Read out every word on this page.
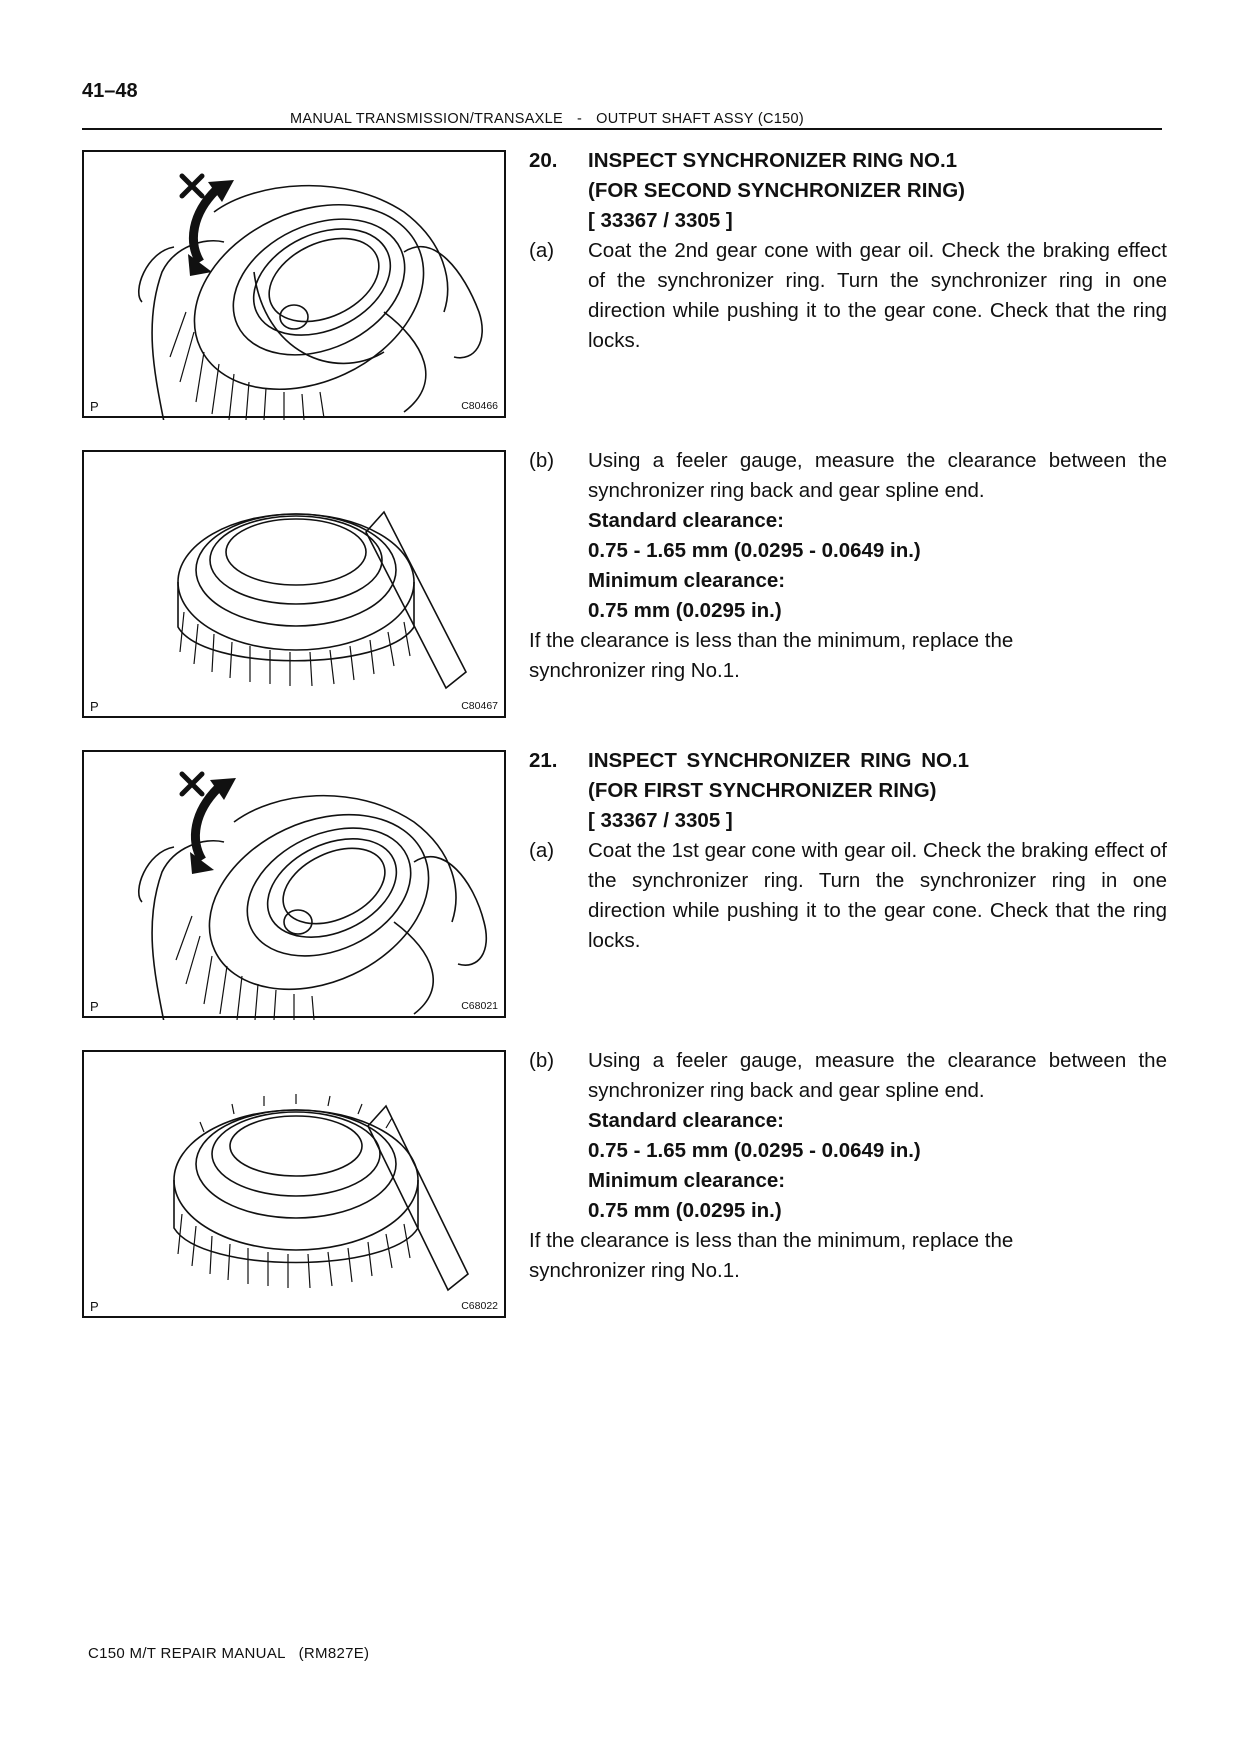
41–48
MANUAL TRANSMISSION/TRANSAXLE - OUTPUT SHAFT ASSY (C150)
P	C80466
P	C80467
P	C68021
P	C68022
20.	INSPECT SYNCHRONIZER RING NO.1
(FOR SECOND SYNCHRONIZER RING)
[ 33367 / 3305 ]
(a)	Coat the 2nd gear cone with gear oil. Check the braking effect of the synchronizer ring. Turn the synchronizer ring in one direction while pushing it to the gear cone. Check that the ring locks.
(b)	Using a feeler gauge, measure the clearance between the synchronizer ring back and gear spline end.
Standard clearance:
0.75 - 1.65 mm (0.0295 - 0.0649 in.)
Minimum clearance:
0.75 mm (0.0295 in.)
If the clearance is less than the minimum, replace the synchronizer ring No.1.
21.	INSPECT SYNCHRONIZER RING NO.1
(FOR FIRST SYNCHRONIZER RING)
[ 33367 / 3305 ]
(a)	Coat the 1st gear cone with gear oil. Check the braking effect of the synchronizer ring. Turn the synchronizer ring in one direction while pushing it to the gear cone. Check that the ring locks.
(b)	Using a feeler gauge, measure the clearance between the synchronizer ring back and gear spline end.
Standard clearance:
0.75 - 1.65 mm (0.0295 - 0.0649 in.)
Minimum clearance:
0.75 mm (0.0295 in.)
If the clearance is less than the minimum, replace the synchronizer ring No.1.
C150 M/T REPAIR MANUAL   (RM827E)
